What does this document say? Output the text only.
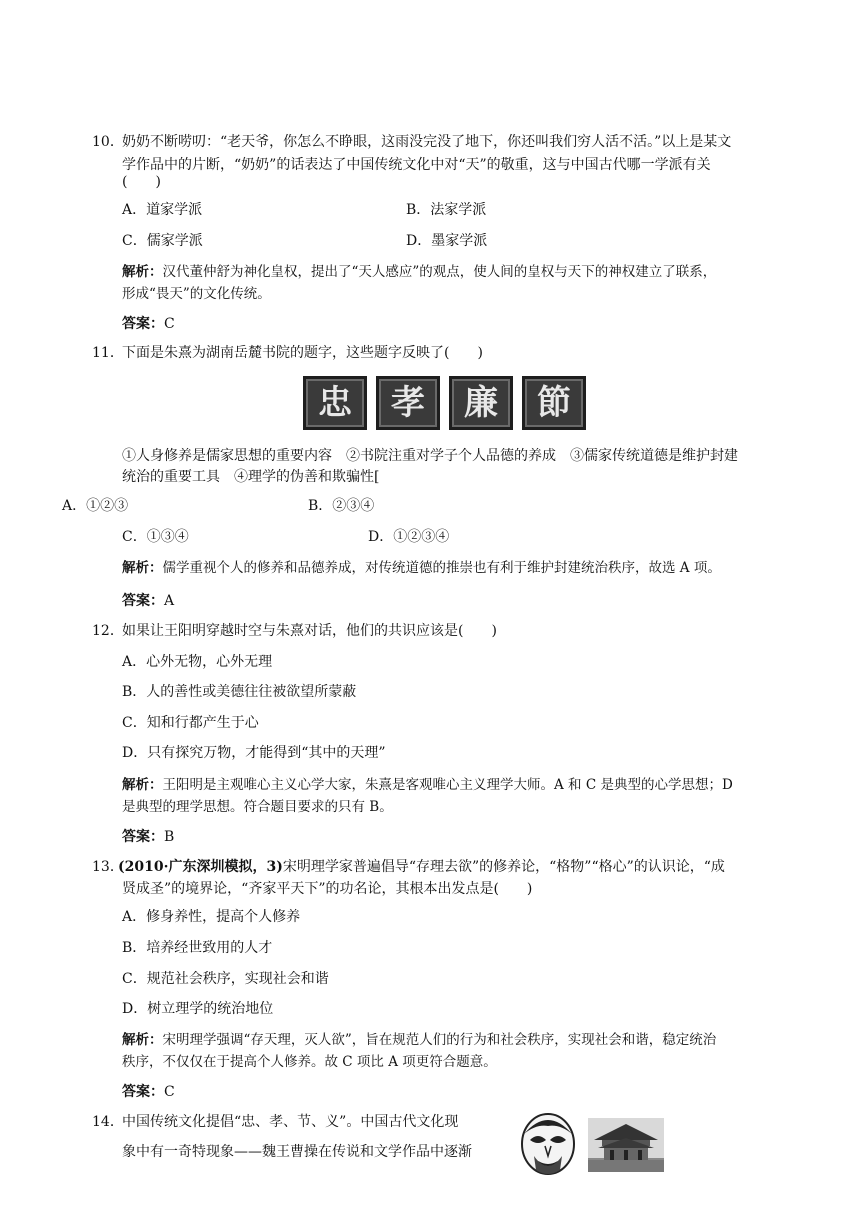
10．
奶奶不断唠叨：“老天爷，你怎么不睁眼，这雨没完没了地下，你还叫我们穷人活不活。”以上是某文
学作品中的片断，“奶奶”的话表达了中国传统文化中对“天”的敬重，这与中国古代哪一学派有关
(　　)
A．道家学派	B．法家学派
C．儒家学派	D．墨家学派
解析：汉代董仲舒为神化皇权，提出了“天人感应”的观点，使人间的皇权与天下的神权建立了联系，
形成“畏天”的文化传统。
答案：C
11．
下面是朱熹为湖南岳麓书院的题字，这些题字反映了(　　)
忠 孝 廉 節
①人身修养是儒家思想的重要内容　②书院注重对学子个人品德的养成　③儒家传统道德是维护封建
统治的重要工具　④理学的伪善和欺骗性[
A．①②③	B．②③④
C．①③④	D．①②③④
解析：儒学重视个人的修养和品德养成，对传统道德的推崇也有利于维护封建统治秩序，故选 A 项。
答案：A
12．
如果让王阳明穿越时空与朱熹对话，他们的共识应该是(　　)
A．心外无物，心外无理
B．人的善性或美德往往被欲望所蒙蔽
C．知和行都产生于心
D．只有探究万物，才能得到“其中的天理”
解析：王阳明是主观唯心主义心学大家，朱熹是客观唯心主义理学大师。A 和 C 是典型的心学思想；D
是典型的理学思想。符合题目要求的只有 B。
答案：B
13．
(2010·广东深圳模拟，3)宋明理学家普遍倡导“存理去欲”的修养论，“格物”“格心”的认识论，“成
贤成圣”的境界论，“齐家平天下”的功名论，其根本出发点是(　　)
A．修身养性，提高个人修养
B．培养经世致用的人才
C．规范社会秩序，实现社会和谐
D．树立理学的统治地位
解析：宋明理学强调“存天理，灭人欲”，旨在规范人们的行为和社会秩序，实现社会和谐，稳定统治
秩序，不仅仅在于提高个人修养。故 C 项比 A 项更符合题意。
答案：C
14．
中国传统文化提倡“忠、孝、节、义”。中国古代文化现
象中有一奇特现象——魏王曹操在传说和文学作品中逐渐
